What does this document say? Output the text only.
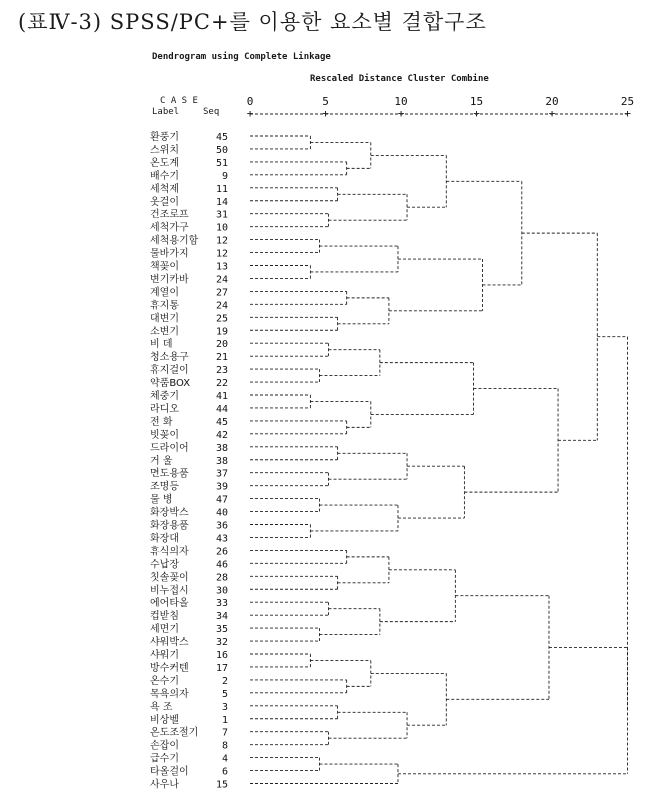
(표Ⅳ-3) SPSS/PC+를 이용한 요소별 결합구조
Dendrogram using Complete Linkage
Rescaled Distance Cluster Combine
C A S E
Label	Seq
0
+
5
+
10
+
15
+
20
+
25
+
환풍기	45
스위치	50
온도계	51
배수기	9
세척제	11
옷걸이	14
건조로프	31
세척가구	10
세척용기함 12
물바가지	12
책꽂이	13
변기카바	24
계열이	27
휴지통	24
대변기	25
소변기	19
비 데	20
청소용구	21
휴지걸이	23
약품BOX	22
체중기	41
라디오	44
전 화	45
빗꽂이	42
드라이어	38
거 울	38
면도용품	37
조명등	39
물 병	47
화장박스	40
화장용품	36
화장대	43
휴식의자	26
수납장	46
칫솔꽂이	28
비누접시	30
에어타올	33
컵받침	34
세면기	35
샤워박스	32
샤워기	16
방수커텐	17
온수기	2
목욕의자	5
욕 조	3
비상벨	1
온도조절기 7
손잡이	8
급수기	4
타올걸이	6
사우나	15
